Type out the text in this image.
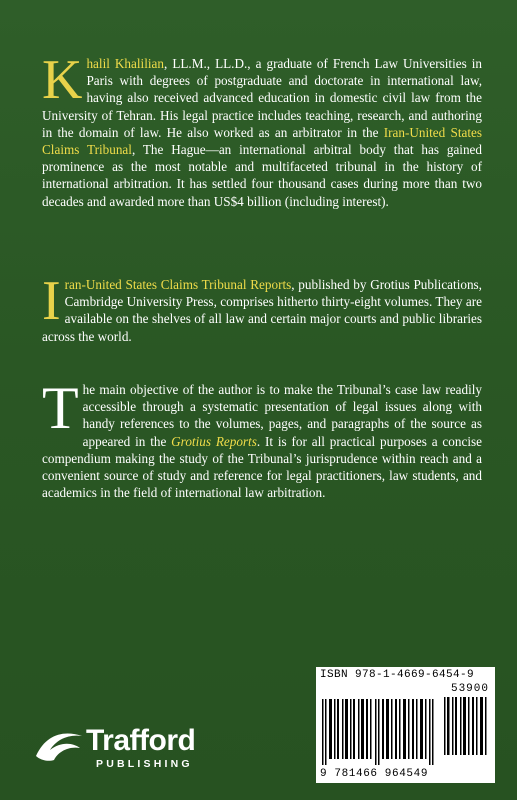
Khalil Khalilian, LL.M., LL.D., a graduate of French Law Universities in Paris with degrees of postgraduate and doctorate in international law, having also received advanced education in domestic civil law from the University of Tehran. His legal practice includes teaching, research, and authoring in the domain of law. He also worked as an arbitrator in the Iran-United States Claims Tribunal, The Hague—an international arbitral body that has gained prominence as the most notable and multifaceted tribunal in the history of international arbitration. It has settled four thousand cases during more than two decades and awarded more than US$4 billion (including interest).

Iran-United States Claims Tribunal Reports, published by Grotius Publications, Cambridge University Press, comprises hitherto thirty-eight volumes. They are available on the shelves of all law and certain major courts and public libraries across the world.

The main objective of the author is to make the Tribunal’s case law readily accessible through a systematic presentation of legal issues along with handy references to the volumes, pages, and paragraphs of the source as appeared in the Grotius Reports. It is for all practical purposes a concise compendium making the study of the Tribunal’s jurisprudence within reach and a convenient source of study and reference for legal practitioners, law students, and academics in the field of international law arbitration.

ISBN 978-1-4669-6454-9
53900
9 781466 964549
Trafford
PUBLISHING
